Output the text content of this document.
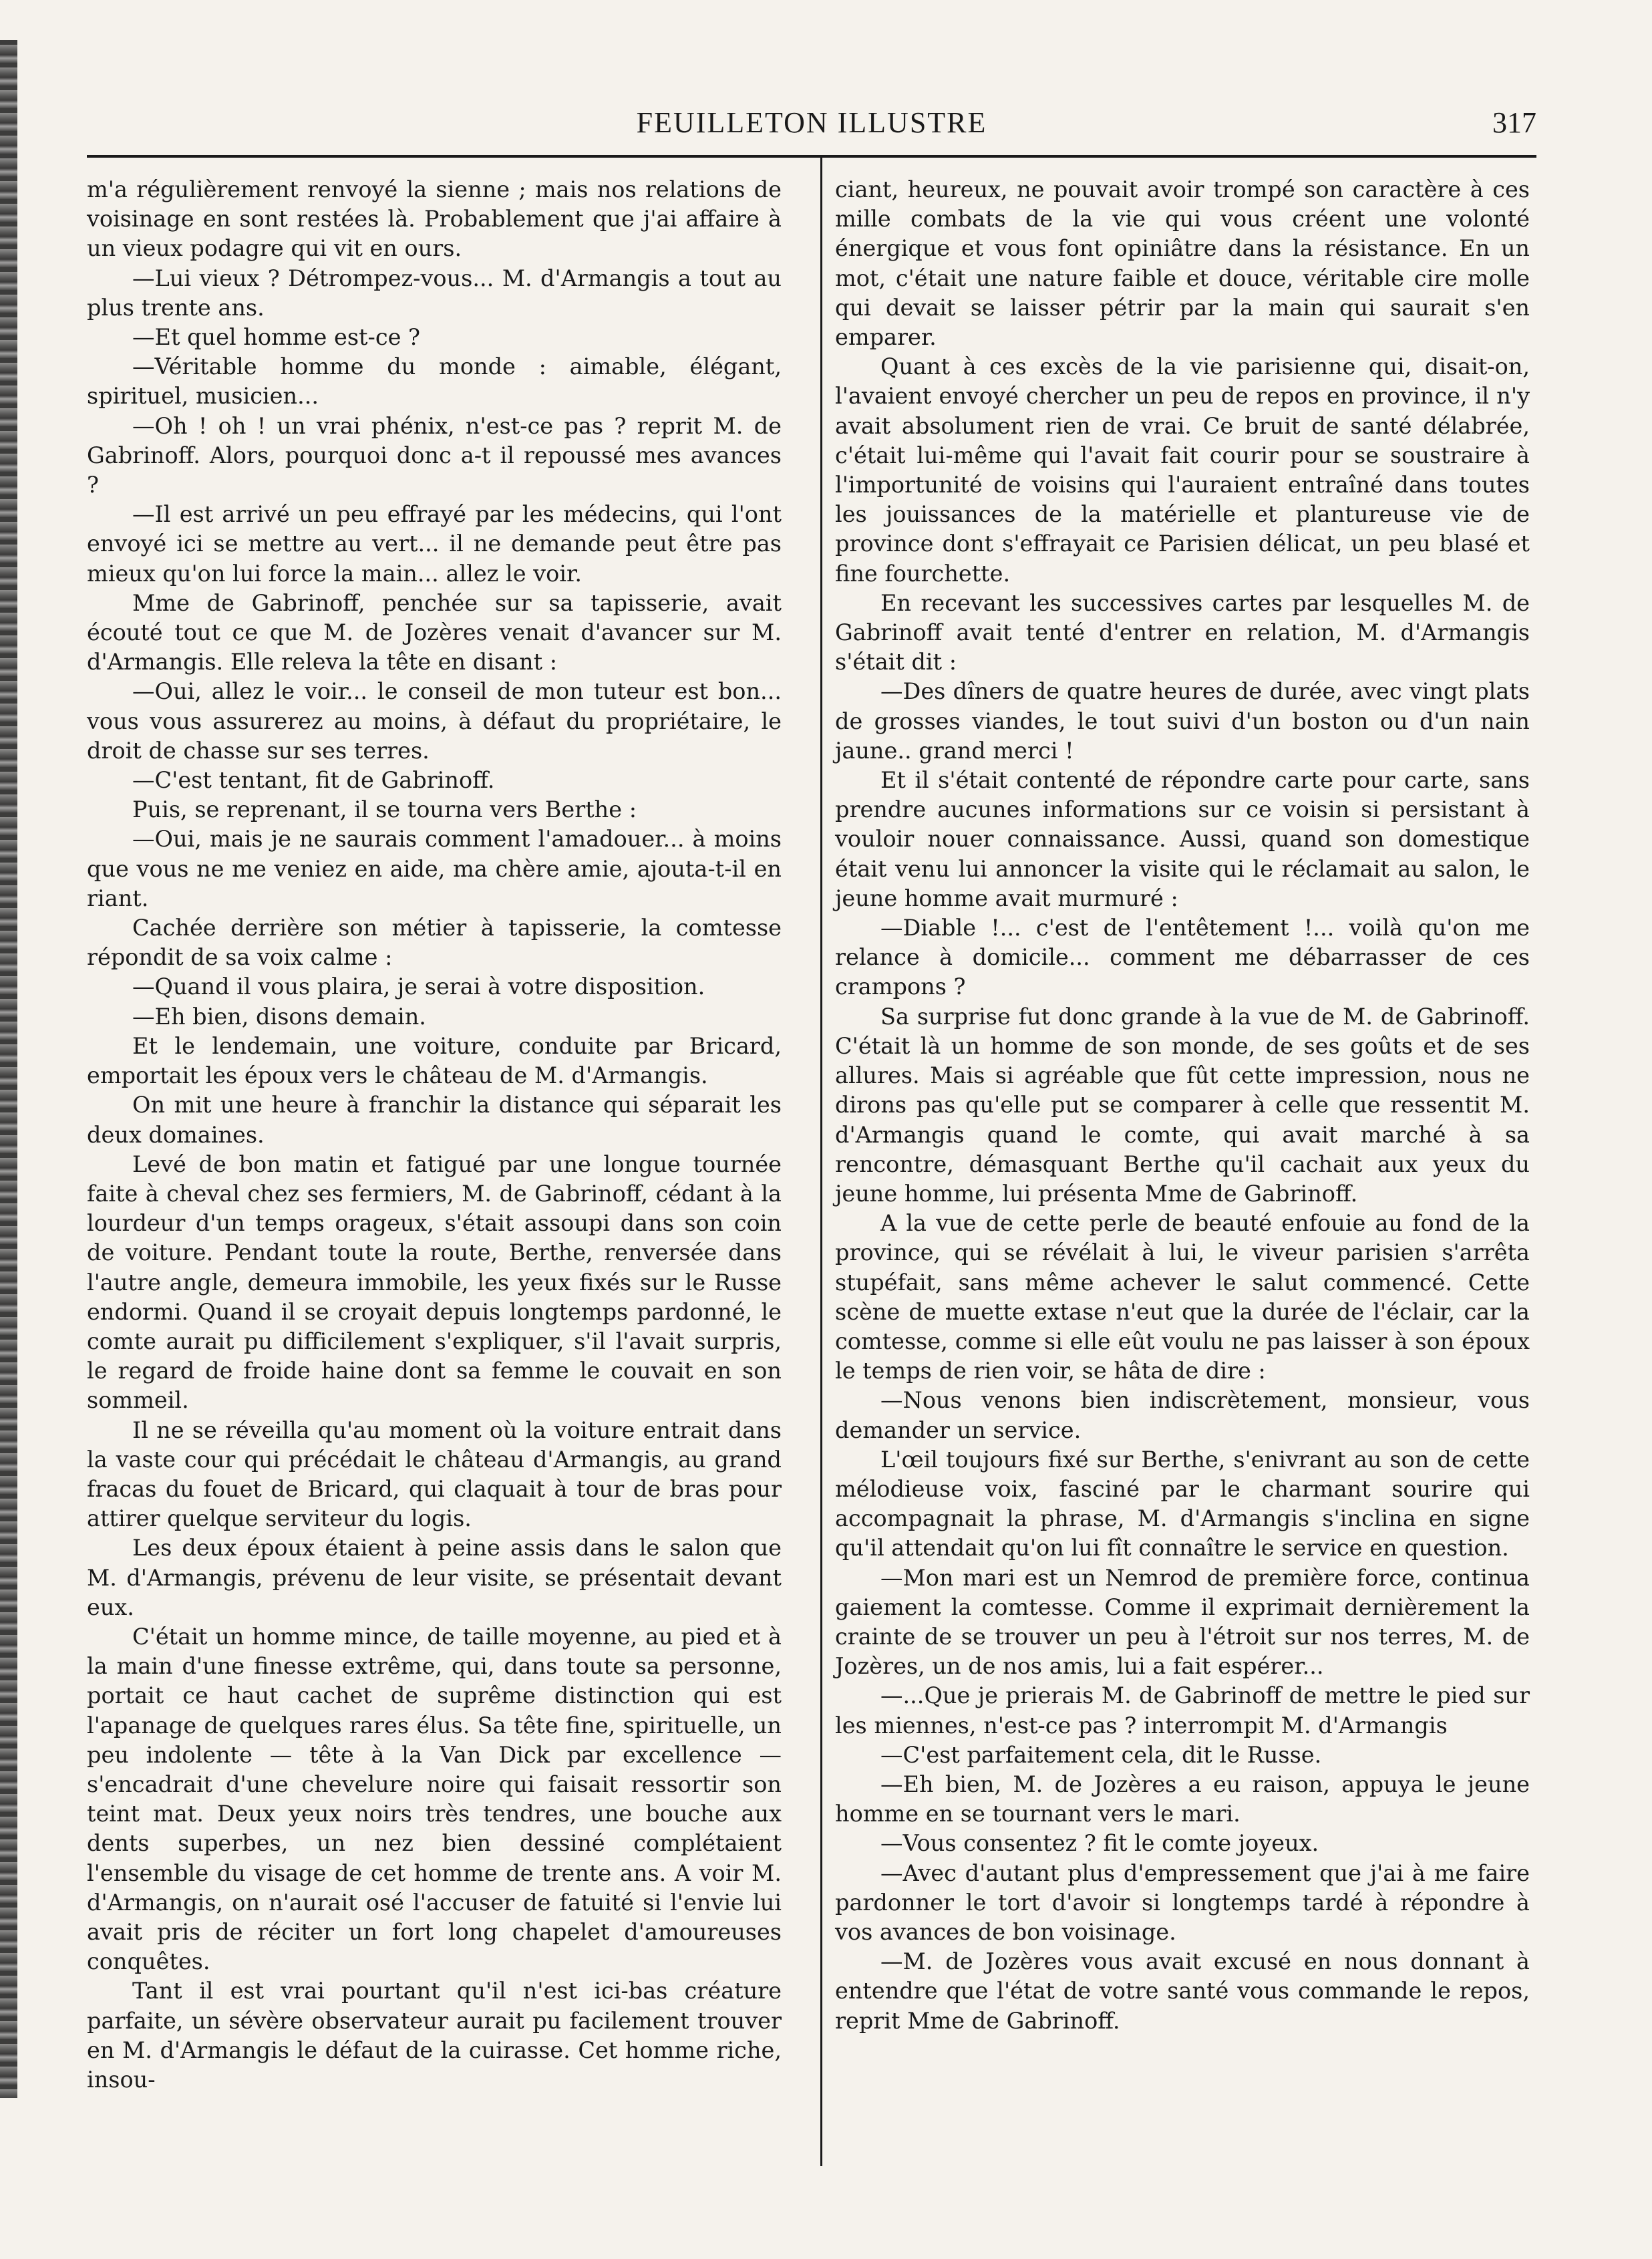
FEUILLETON ILLUSTRE	317

m'a régulièrement renvoyé la sienne ; mais nos relations de voisinage en sont restées là. Probablement que j'ai affaire à un vieux podagre qui vit en ours.

—Lui vieux ? Détrompez-vous... M. d'Armangis a tout au plus trente ans.

—Et quel homme est-ce ?

—Véritable homme du monde : aimable, élégant, spirituel, musicien...

—Oh ! oh ! un vrai phénix, n'est-ce pas ? reprit M. de Gabrinoff. Alors, pourquoi donc a-t il repoussé mes avances ?

—Il est arrivé un peu effrayé par les médecins, qui l'ont envoyé ici se mettre au vert... il ne demande peut être pas mieux qu'on lui force la main... allez le voir.

Mme de Gabrinoff, penchée sur sa tapisserie, avait écouté tout ce que M. de Jozères venait d'avancer sur M. d'Armangis. Elle releva la tête en disant :

—Oui, allez le voir... le conseil de mon tuteur est bon... vous vous assurerez au moins, à défaut du propriétaire, le droit de chasse sur ses terres.

—C'est tentant, fit de Gabrinoff.

Puis, se reprenant, il se tourna vers Berthe :

—Oui, mais je ne saurais comment l'amadouer... à moins que vous ne me veniez en aide, ma chère amie, ajouta-t-il en riant.

Cachée derrière son métier à tapisserie, la comtesse répondit de sa voix calme :

—Quand il vous plaira, je serai à votre disposition.

—Eh bien, disons demain.

Et le lendemain, une voiture, conduite par Bricard, emportait les époux vers le château de M. d'Armangis.

On mit une heure à franchir la distance qui séparait les deux domaines.

Levé de bon matin et fatigué par une longue tournée faite à cheval chez ses fermiers, M. de Gabrinoff, cédant à la lourdeur d'un temps orageux, s'était assoupi dans son coin de voiture. Pendant toute la route, Berthe, renversée dans l'autre angle, demeura immobile, les yeux fixés sur le Russe endormi. Quand il se croyait depuis longtemps pardonné, le comte aurait pu difficilement s'expliquer, s'il l'avait surpris, le regard de froide haine dont sa femme le couvait en son sommeil.

Il ne se réveilla qu'au moment où la voiture entrait dans la vaste cour qui précédait le château d'Armangis, au grand fracas du fouet de Bricard, qui claquait à tour de bras pour attirer quelque serviteur du logis.

Les deux époux étaient à peine assis dans le salon que M. d'Armangis, prévenu de leur visite, se présentait devant eux.

C'était un homme mince, de taille moyenne, au pied et à la main d'une finesse extrême, qui, dans toute sa personne, portait ce haut cachet de suprême distinction qui est l'apanage de quelques rares élus. Sa tête fine, spirituelle, un peu indolente — tête à la Van Dick par excellence — s'encadrait d'une chevelure noire qui faisait ressortir son teint mat. Deux yeux noirs très tendres, une bouche aux dents superbes, un nez bien dessiné complétaient l'ensemble du visage de cet homme de trente ans. A voir M. d'Armangis, on n'aurait osé l'accuser de fatuité si l'envie lui avait pris de réciter un fort long chapelet d'amoureuses conquêtes.

Tant il est vrai pourtant qu'il n'est ici-bas créature parfaite, un sévère observateur aurait pu facilement trouver en M. d'Armangis le défaut de la cuirasse. Cet homme riche, insou-

ciant, heureux, ne pouvait avoir trompé son caractère à ces mille combats de la vie qui vous créent une volonté énergique et vous font opiniâtre dans la résistance. En un mot, c'était une nature faible et douce, véritable cire molle qui devait se laisser pétrir par la main qui saurait s'en emparer.

Quant à ces excès de la vie parisienne qui, disait-on, l'avaient envoyé chercher un peu de repos en province, il n'y avait absolument rien de vrai. Ce bruit de santé délabrée, c'était lui-même qui l'avait fait courir pour se soustraire à l'importunité de voisins qui l'auraient entraîné dans toutes les jouissances de la matérielle et plantureuse vie de province dont s'effrayait ce Parisien délicat, un peu blasé et fine fourchette.

En recevant les successives cartes par lesquelles M. de Gabrinoff avait tenté d'entrer en relation, M. d'Armangis s'était dit :

—Des dîners de quatre heures de durée, avec vingt plats de grosses viandes, le tout suivi d'un boston ou d'un nain jaune.. grand merci !

Et il s'était contenté de répondre carte pour carte, sans prendre aucunes informations sur ce voisin si persistant à vouloir nouer connaissance. Aussi, quand son domestique était venu lui annoncer la visite qui le réclamait au salon, le jeune homme avait murmuré :

—Diable !... c'est de l'entêtement !... voilà qu'on me relance à domicile... comment me débarrasser de ces crampons ?

Sa surprise fut donc grande à la vue de M. de Gabrinoff. C'était là un homme de son monde, de ses goûts et de ses allures. Mais si agréable que fût cette impression, nous ne dirons pas qu'elle put se comparer à celle que ressentit M. d'Armangis quand le comte, qui avait marché à sa rencontre, démasquant Berthe qu'il cachait aux yeux du jeune homme, lui présenta Mme de Gabrinoff.

A la vue de cette perle de beauté enfouie au fond de la province, qui se révélait à lui, le viveur parisien s'arrêta stupéfait, sans même achever le salut commencé. Cette scène de muette extase n'eut que la durée de l'éclair, car la comtesse, comme si elle eût voulu ne pas laisser à son époux le temps de rien voir, se hâta de dire :

—Nous venons bien indiscrètement, monsieur, vous demander un service.

L'œil toujours fixé sur Berthe, s'enivrant au son de cette mélodieuse voix, fasciné par le charmant sourire qui accompagnait la phrase, M. d'Armangis s'inclina en signe qu'il attendait qu'on lui fît connaître le service en question.

—Mon mari est un Nemrod de première force, continua gaiement la comtesse. Comme il exprimait dernièrement la crainte de se trouver un peu à l'étroit sur nos terres, M. de Jozères, un de nos amis, lui a fait espérer...

—...Que je prierais M. de Gabrinoff de mettre le pied sur les miennes, n'est-ce pas ? interrompit M. d'Armangis

—C'est parfaitement cela, dit le Russe.

—Eh bien, M. de Jozères a eu raison, appuya le jeune homme en se tournant vers le mari.

—Vous consentez ? fit le comte joyeux.

—Avec d'autant plus d'empressement que j'ai à me faire pardonner le tort d'avoir si longtemps tardé à répondre à vos avances de bon voisinage.

—M. de Jozères vous avait excusé en nous donnant à entendre que l'état de votre santé vous commande le repos, reprit Mme de Gabrinoff.
